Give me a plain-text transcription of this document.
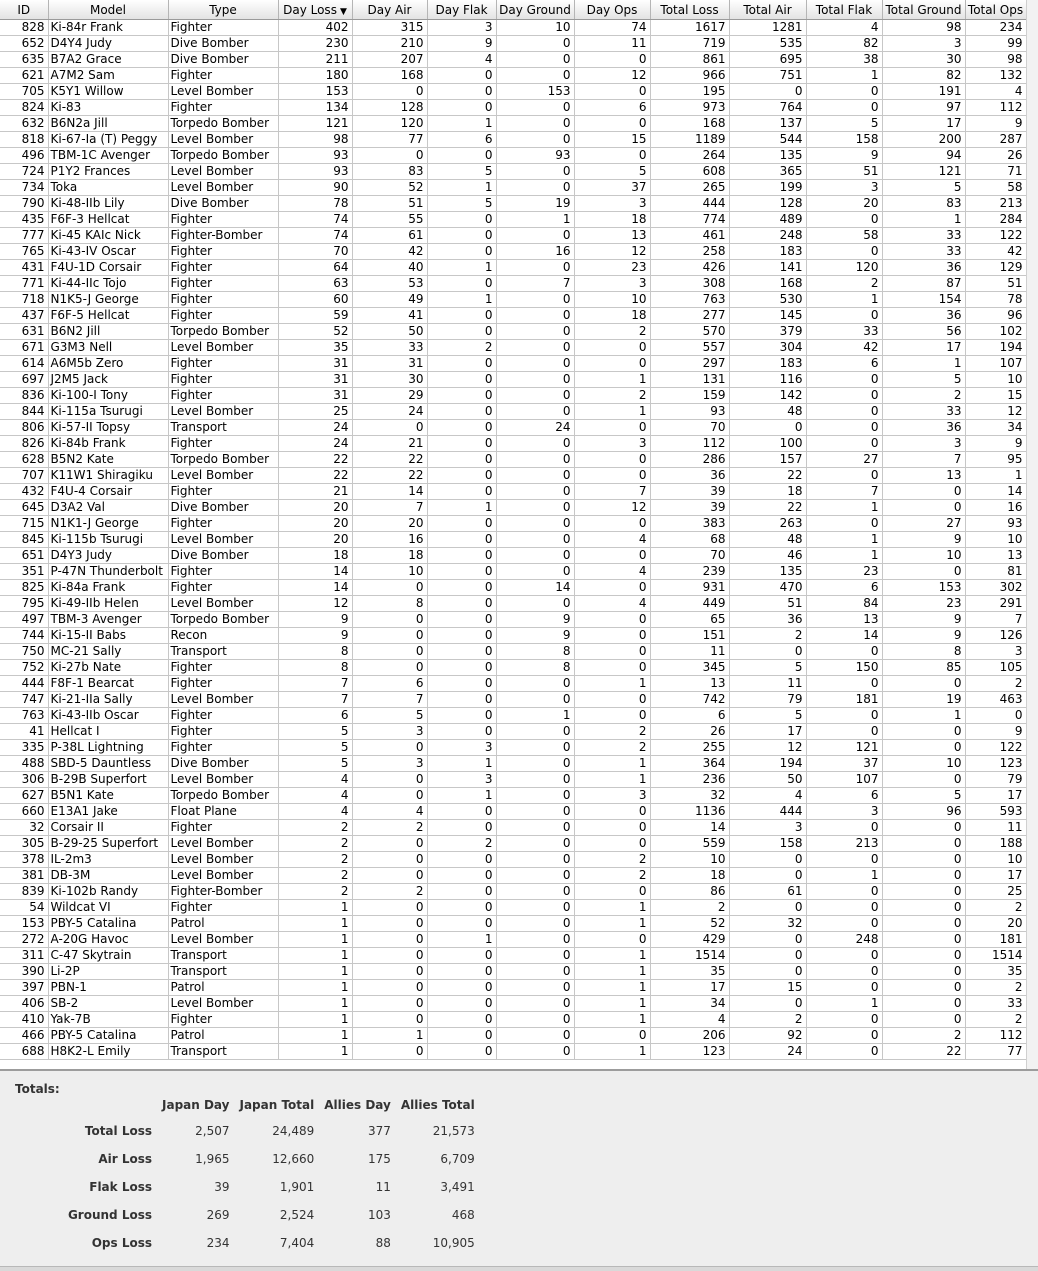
ID	Model	Type	Day Loss ▼	Day Air	Day Flak	Day Ground	Day Ops	Total Loss	Total Air	Total Flak	Total Ground	Total Ops
828	Ki-84r Frank	Fighter	402	315	3	10	74	1617	1281	4	98	234
652	D4Y4 Judy	Dive Bomber	230	210	9	0	11	719	535	82	3	99
635	B7A2 Grace	Dive Bomber	211	207	4	0	0	861	695	38	30	98
621	A7M2 Sam	Fighter	180	168	0	0	12	966	751	1	82	132
705	K5Y1 Willow	Level Bomber	153	0	0	153	0	195	0	0	191	4
824	Ki-83	Fighter	134	128	0	0	6	973	764	0	97	112
632	B6N2a Jill	Torpedo Bomber	121	120	1	0	0	168	137	5	17	9
818	Ki-67-Ia (T) Peggy	Level Bomber	98	77	6	0	15	1189	544	158	200	287
496	TBM-1C Avenger	Torpedo Bomber	93	0	0	93	0	264	135	9	94	26
724	P1Y2 Frances	Level Bomber	93	83	5	0	5	608	365	51	121	71
734	Toka	Level Bomber	90	52	1	0	37	265	199	3	5	58
790	Ki-48-IIb Lily	Dive Bomber	78	51	5	19	3	444	128	20	83	213
435	F6F-3 Hellcat	Fighter	74	55	0	1	18	774	489	0	1	284
777	Ki-45 KAIc Nick	Fighter-Bomber	74	61	0	0	13	461	248	58	33	122
765	Ki-43-IV Oscar	Fighter	70	42	0	16	12	258	183	0	33	42
431	F4U-1D Corsair	Fighter	64	40	1	0	23	426	141	120	36	129
771	Ki-44-IIc Tojo	Fighter	63	53	0	7	3	308	168	2	87	51
718	N1K5-J George	Fighter	60	49	1	0	10	763	530	1	154	78
437	F6F-5 Hellcat	Fighter	59	41	0	0	18	277	145	0	36	96
631	B6N2 Jill	Torpedo Bomber	52	50	0	0	2	570	379	33	56	102
671	G3M3 Nell	Level Bomber	35	33	2	0	0	557	304	42	17	194
614	A6M5b Zero	Fighter	31	31	0	0	0	297	183	6	1	107
697	J2M5 Jack	Fighter	31	30	0	0	1	131	116	0	5	10
836	Ki-100-I Tony	Fighter	31	29	0	0	2	159	142	0	2	15
844	Ki-115a Tsurugi	Level Bomber	25	24	0	0	1	93	48	0	33	12
806	Ki-57-II Topsy	Transport	24	0	0	24	0	70	0	0	36	34
826	Ki-84b Frank	Fighter	24	21	0	0	3	112	100	0	3	9
628	B5N2 Kate	Torpedo Bomber	22	22	0	0	0	286	157	27	7	95
707	K11W1 Shiragiku	Level Bomber	22	22	0	0	0	36	22	0	13	1
432	F4U-4 Corsair	Fighter	21	14	0	0	7	39	18	7	0	14
645	D3A2 Val	Dive Bomber	20	7	1	0	12	39	22	1	0	16
715	N1K1-J George	Fighter	20	20	0	0	0	383	263	0	27	93
845	Ki-115b Tsurugi	Level Bomber	20	16	0	0	4	68	48	1	9	10
651	D4Y3 Judy	Dive Bomber	18	18	0	0	0	70	46	1	10	13
351	P-47N Thunderbolt	Fighter	14	10	0	0	4	239	135	23	0	81
825	Ki-84a Frank	Fighter	14	0	0	14	0	931	470	6	153	302
795	Ki-49-IIb Helen	Level Bomber	12	8	0	0	4	449	51	84	23	291
497	TBM-3 Avenger	Torpedo Bomber	9	0	0	9	0	65	36	13	9	7
744	Ki-15-II Babs	Recon	9	0	0	9	0	151	2	14	9	126
750	MC-21 Sally	Transport	8	0	0	8	0	11	0	0	8	3
752	Ki-27b Nate	Fighter	8	0	0	8	0	345	5	150	85	105
444	F8F-1 Bearcat	Fighter	7	6	0	0	1	13	11	0	0	2
747	Ki-21-IIa Sally	Level Bomber	7	7	0	0	0	742	79	181	19	463
763	Ki-43-IIb Oscar	Fighter	6	5	0	1	0	6	5	0	1	0
41	Hellcat I	Fighter	5	3	0	0	2	26	17	0	0	9
335	P-38L Lightning	Fighter	5	0	3	0	2	255	12	121	0	122
488	SBD-5 Dauntless	Dive Bomber	5	3	1	0	1	364	194	37	10	123
306	B-29B Superfort	Level Bomber	4	0	3	0	1	236	50	107	0	79
627	B5N1 Kate	Torpedo Bomber	4	0	1	0	3	32	4	6	5	17
660	E13A1 Jake	Float Plane	4	4	0	0	0	1136	444	3	96	593
32	Corsair II	Fighter	2	2	0	0	0	14	3	0	0	11
305	B-29-25 Superfort	Level Bomber	2	0	2	0	0	559	158	213	0	188
378	IL-2m3	Level Bomber	2	0	0	0	2	10	0	0	0	10
381	DB-3M	Level Bomber	2	0	0	0	2	18	0	1	0	17
839	Ki-102b Randy	Fighter-Bomber	2	2	0	0	0	86	61	0	0	25
54	Wildcat VI	Fighter	1	0	0	0	1	2	0	0	0	2
153	PBY-5 Catalina	Patrol	1	0	0	0	1	52	32	0	0	20
272	A-20G Havoc	Level Bomber	1	0	1	0	0	429	0	248	0	181
311	C-47 Skytrain	Transport	1	0	0	0	1	1514	0	0	0	1514
390	Li-2P	Transport	1	0	0	0	1	35	0	0	0	35
397	PBN-1	Patrol	1	0	0	0	1	17	15	0	0	2
406	SB-2	Level Bomber	1	0	0	0	1	34	0	1	0	33
410	Yak-7B	Fighter	1	0	0	0	1	4	2	0	0	2
466	PBY-5 Catalina	Patrol	1	1	0	0	0	206	92	0	2	112
688	H8K2-L Emily	Transport	1	0	0	0	1	123	24	0	22	77
Totals:
	Japan Day	Japan Total	Allies Day	Allies Total
Total Loss	2,507	24,489	377	21,573
Air Loss	1,965	12,660	175	6,709
Flak Loss	39	1,901	11	3,491
Ground Loss	269	2,524	103	468
Ops Loss	234	7,404	88	10,905
